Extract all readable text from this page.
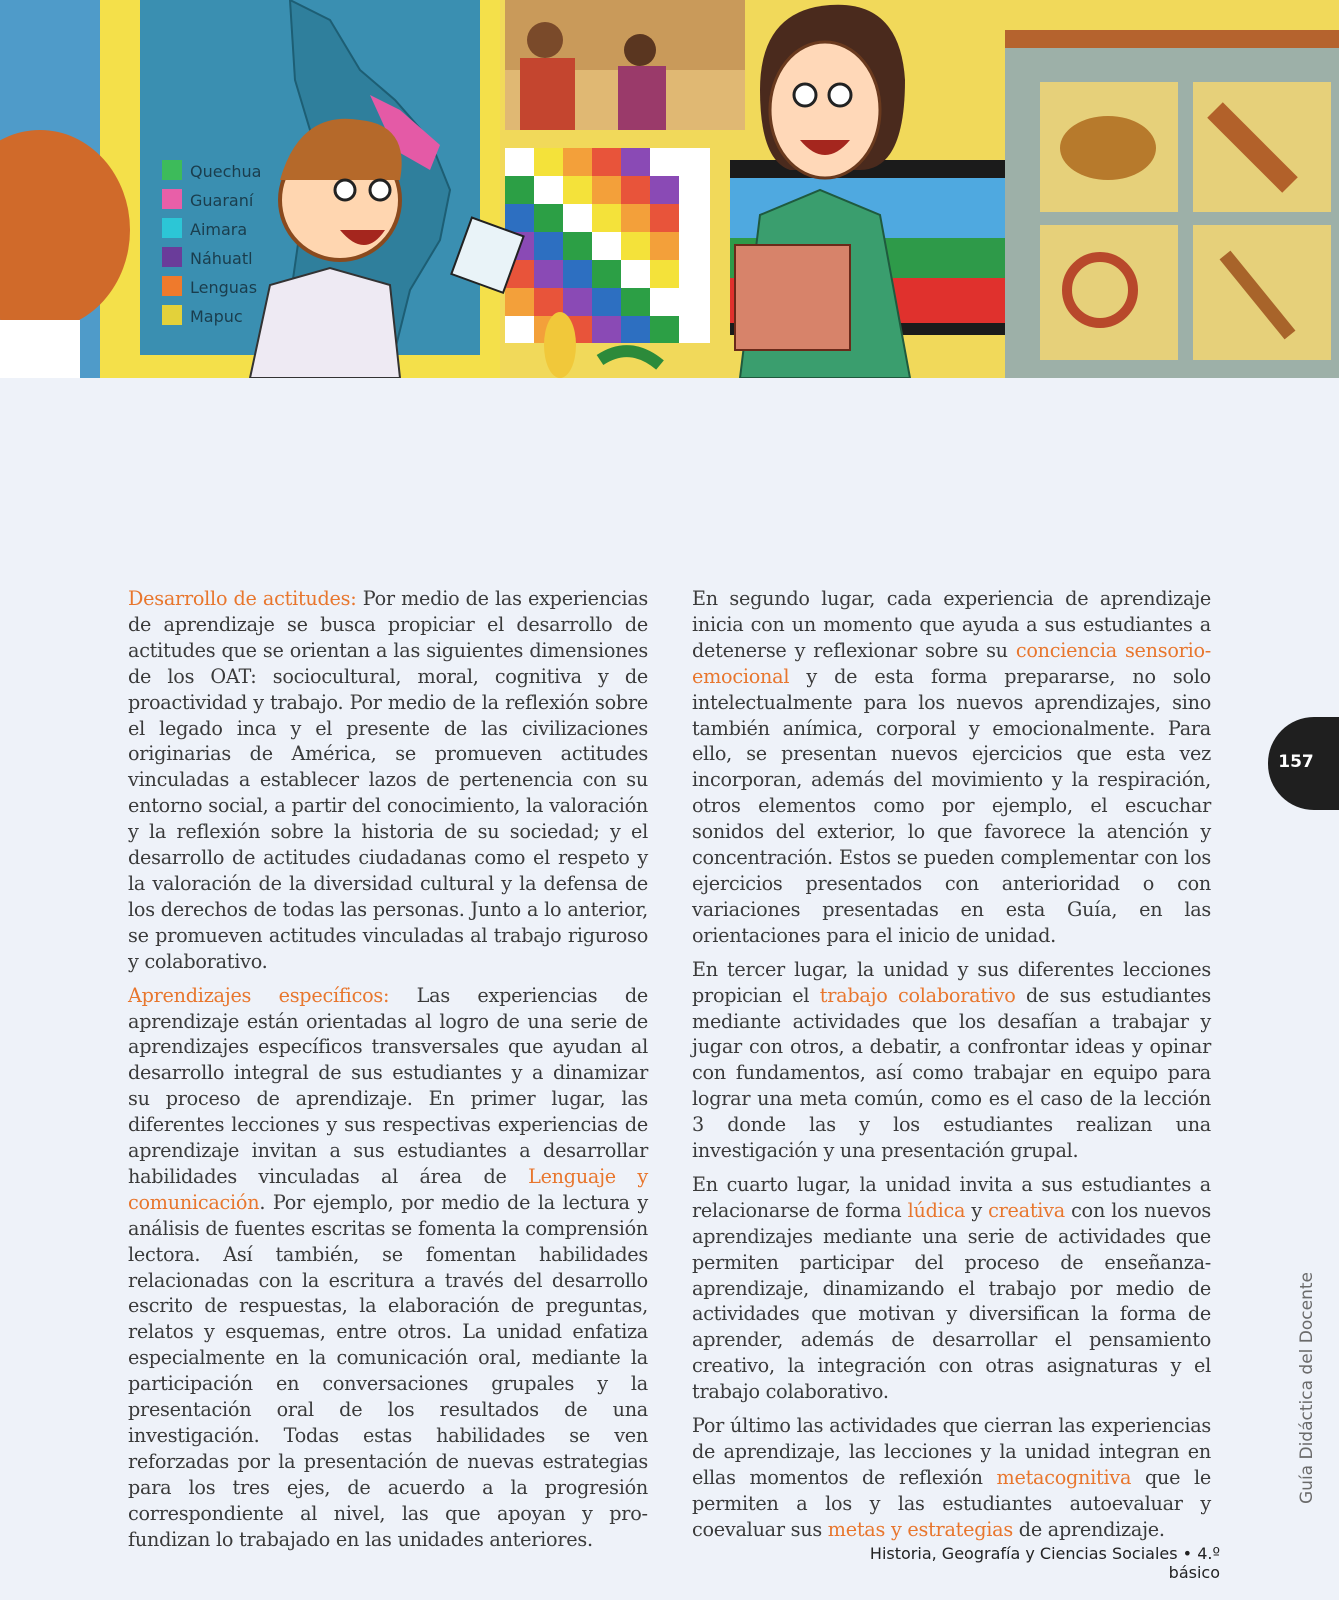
Quechua
Guaraní
Aimara
Náhuatl
Lenguas
Mapuc

Desarrollo de actitudes: Por medio de las experiencias de aprendizaje se busca propiciar el desarrollo de actitudes que se orientan a las siguientes dimensiones de los OAT: sociocultural, moral, cognitiva y de proactividad y trabajo. Por medio de la reflexión sobre el legado inca y el presente de las civilizaciones originarias de América, se promueven actitudes vinculadas a establecer lazos de pertenencia con su entorno social, a partir del conocimiento, la valoración y la reflexión sobre la historia de su sociedad; y el desarrollo de actitudes ciudadanas como el respeto y la valoración de la diversidad cultural y la defensa de los derechos de todas las personas. Junto a lo anterior, se promueven actitudes vinculadas al trabajo riguroso y colaborativo.

Aprendizajes específicos: Las experiencias de aprendizaje están orientadas al logro de una serie de aprendizajes específicos transversales que ayudan al desarrollo integral de sus estudiantes y a dinamizar su proceso de aprendizaje. En primer lugar, las diferentes lecciones y sus respectivas experiencias de aprendizaje invitan a sus estudiantes a desarrollar habilidades vinculadas al área de Lenguaje y comunicación. Por ejemplo, por medio de la lectura y análisis de fuentes escritas se fomenta la comprensión lectora. Así también, se fomentan habilidades relacionadas con la escritura a través del desarrollo escrito de respuestas, la elaboración de preguntas, relatos y esquemas, entre otros. La unidad enfatiza especialmente en la comunicación oral, mediante la participación en conversaciones grupales y la presentación oral de los resultados de una investigación. Todas estas habilidades se ven reforzadas por la presentación de nuevas estrategias para los tres ejes, de acuerdo a la progresión correspondiente al nivel, las que apoyan y profundizan lo trabajado en las unidades anteriores.

En segundo lugar, cada experiencia de aprendizaje inicia con un momento que ayuda a sus estudiantes a detenerse y reflexionar sobre su conciencia sensorio-emocional y de esta forma prepararse, no solo intelectualmente para los nuevos aprendizajes, sino también anímica, corporal y emocionalmente. Para ello, se presentan nuevos ejercicios que esta vez incorporan, además del movimiento y la respiración, otros elementos como por ejemplo, el escuchar sonidos del exterior, lo que favorece la atención y concentración. Estos se pueden complementar con los ejercicios presentados con anterioridad o con variaciones presentadas en esta Guía, en las orientaciones para el inicio de unidad.

En tercer lugar, la unidad y sus diferentes lecciones propician el trabajo colaborativo de sus estudiantes mediante actividades que los desafían a trabajar y jugar con otros, a debatir, a confrontar ideas y opinar con fundamentos, así como trabajar en equipo para lograr una meta común, como es el caso de la lección 3 donde las y los estudiantes realizan una investigación y una presentación grupal.

En cuarto lugar, la unidad invita a sus estudiantes a relacionarse de forma lúdica y creativa con los nuevos aprendizajes mediante una serie de actividades que permiten participar del proceso de enseñanza-aprendizaje, dinamizando el trabajo por medio de actividades que motivan y diversifican la forma de aprender, además de desarrollar el pensamiento creativo, la integración con otras asignaturas y el trabajo colaborativo.

Por último las actividades que cierran las experiencias de aprendizaje, las lecciones y la unidad integran en ellas momentos de reflexión metacognitiva que le permiten a los y las estudiantes autoevaluar y coevaluar sus metas y estrategias de aprendizaje.

157
Guía Didáctica del Docente
Historia, Geografía y Ciencias Sociales • 4.º básico
